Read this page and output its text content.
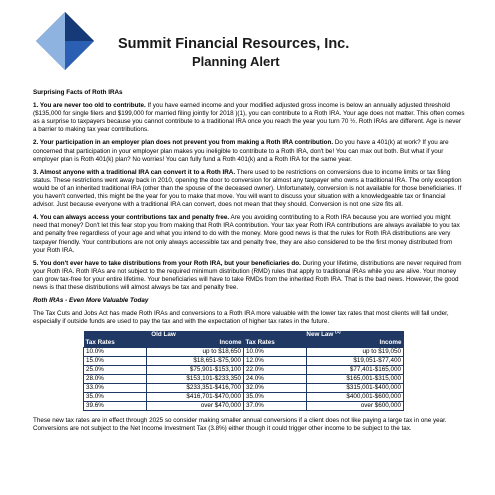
Summit Financial Resources, Inc.
Planning Alert

Surprising Facts of Roth IRAs

1. You are never too old to contribute. If you have earned income and your modified adjusted gross income is below an annually adjusted threshold ($135,000 for single filers and $199,000 for married filing jointly for 2018 )(1), you can contribute to a Roth IRA. Your age does not matter. This often comes as a surprise to taxpayers because you cannot contribute to a traditional IRA once you reach the year you turn 70 ½. Roth IRAs are different. Age is never a barrier to making tax year contributions.

2. Your participation in an employer plan does not prevent you from making a Roth IRA contribution. Do you have a 401(k) at work? If you are concerned that participation in your employer plan makes you ineligible to contribute to a Roth IRA, don't be! You can max out both. But what if your employer plan is Roth 401(k) plan? No worries! You can fully fund a Roth 401(k) and a Roth IRA for the same year.

3. Almost anyone with a traditional IRA can convert it to a Roth IRA. There used to be restrictions on conversions due to income limits or tax filing status. These restrictions went away back in 2010, opening the door to conversion for almost any taxpayer who owns a traditional IRA. The only exception would be of an inherited traditional IRA (other than the spouse of the deceased owner). Unfortunately, conversion is not available for those beneficiaries. If you haven't converted, this might be the year for you to make that move. You will want to discuss your situation with a knowledgeable tax or financial advisor. Just because everyone with a traditional IRA can convert, does not mean that they should. Conversion is not one size fits all.

4. You can always access your contributions tax and penalty free. Are you avoiding contributing to a Roth IRA because you are worried you might need that money? Don't let this fear stop you from making that Roth IRA contribution. Your tax year Roth IRA contributions are always available to you tax and penalty free regardless of your age and what you intend to do with the money. More good news is that the rules for Roth IRA distributions are very taxpayer friendly. Your contributions are not only always accessible tax and penalty free, they are also considered to be the first money distributed from your Roth IRA.

5. You don't ever have to take distributions from your Roth IRA, but your beneficiaries do. During your lifetime, distributions are never required from your Roth IRA. Roth IRAs are not subject to the required minimum distribution (RMD) rules that apply to traditional IRAs while you are alive. Your money can grow tax-free for your entire lifetime. Your beneficiaries will have to take RMDs from the inherited Roth IRA. That is the bad news. However, the good news is that these distributions will almost always be tax and penalty free.

Roth IRAs - Even More Valuable Today

The Tax Cuts and Jobs Act has made Roth IRAs and conversions to a Roth IRA more valuable with the lower tax rates that most clients will fall under, especially if outside funds are used to pay the tax and with the expectation of higher tax rates in the future.

Old Law		New Law $^{(1)}$
Tax Rates	Income	Tax Rates	Income
10.0%	up to $18,650	10.0%	up to $19,050
15.0%	$18,651-$75,900	12.0%	$19,051-$77,400
25.0%	$75,901-$153,100	22.0%	$77,401-$165,000
28.0%	$153,101-$233,350	24.0%	$165,001-$315,000
33.0%	$233,351-$416,700	32.0%	$315,001-$400,000
35.0%	$416,701-$470,000	35.0%	$400,001-$600,000
39.6%	over $470,000	37.0%	over $600,000

These new tax rates are in effect through 2025 so consider making smaller annual conversions if a client does not like paying a large tax in one year. Conversions are not subject to the Net Income Investment Tax (3.8%) either though it could trigger other income to be subject to the tax.
